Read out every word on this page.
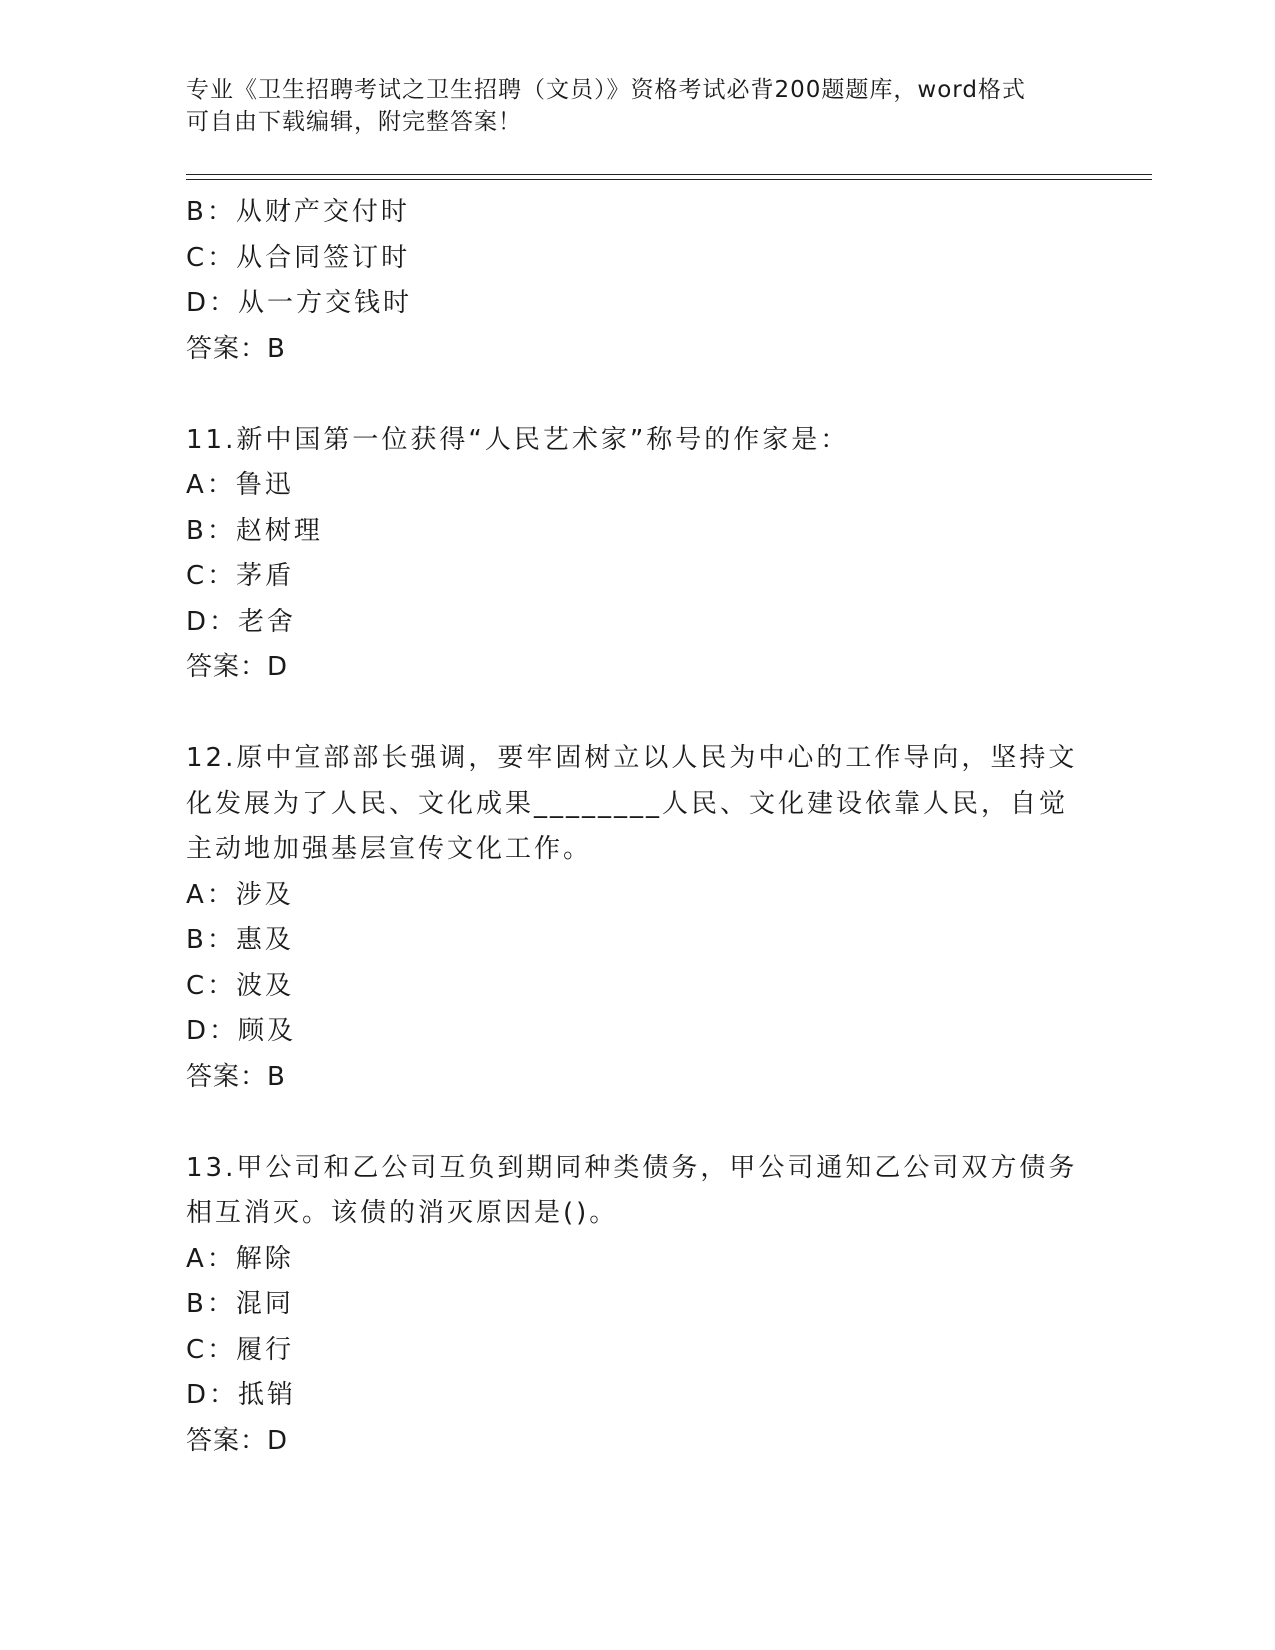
专业《卫生招聘考试之卫生招聘（文员）》资格考试必背200题题库，word格式
可自由下载编辑，附完整答案！
B：从财产交付时
C：从合同签订时
D：从一方交钱时
答案：B
11.新中国第一位获得“人民艺术家”称号的作家是：
A：鲁迅
B：赵树理
C：茅盾
D：老舍
答案：D
12.原中宣部部长强调，要牢固树立以人民为中心的工作导向，坚持文
化发展为了人民、文化成果________人民、文化建设依靠人民，自觉
主动地加强基层宣传文化工作。
A：涉及
B：惠及
C：波及
D：顾及
答案：B
13.甲公司和乙公司互负到期同种类债务，甲公司通知乙公司双方债务
相互消灭。该债的消灭原因是()。
A：解除
B：混同
C：履行
D：抵销
答案：D
